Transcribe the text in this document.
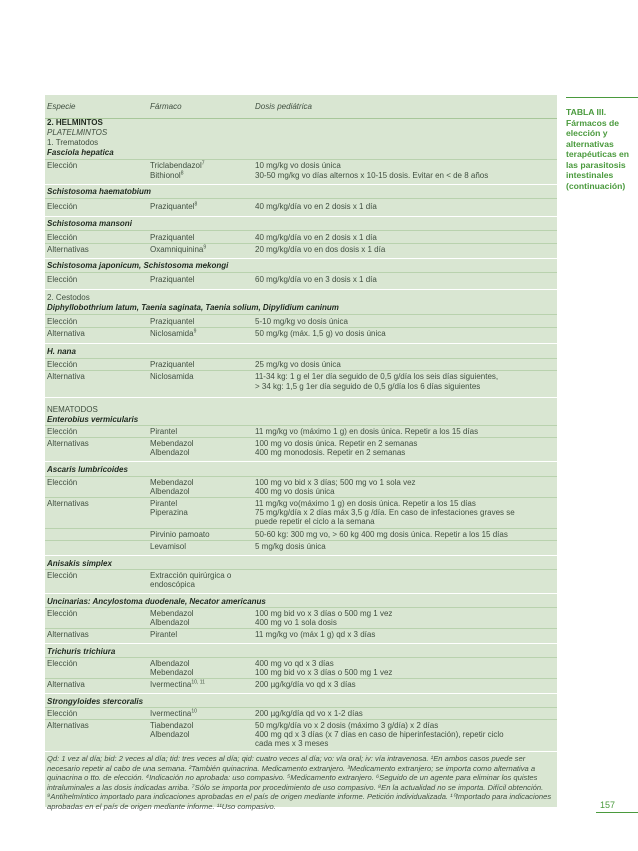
TABLA III.
Fármacos de
elección y
alternativas
terapéuticas en
las parasitosis
intestinales
(continuación)
Especie	Fármaco	Dosis pediátrica
2. HELMINTOS
PLATELMINTOS
1. Trematodos
Fasciola hepatica
Elección	Triclabendazol$^7$	10 mg/kg vo dosis única
Bithionol$^8$	30-50 mg/kg vo días alternos x 10-15 dosis. Evitar en < de 8 años
Schistosoma haematobium
Elección	Praziquantel$^8$	40 mg/kg/día vo en 2 dosis x 1 día
Schistosoma mansoni
Elección	Praziquantel	40 mg/kg/día vo en 2 dosis x 1 día
Alternativas	Oxamniquinina$^9$	20 mg/kg/día vo en dos dosis x 1 día
Schistosoma japonicum, Schistosoma mekongi
Elección	Praziquantel	60 mg/kg/día vo en 3 dosis x 1 día
2. Cestodos
Diphyllobothrium latum, Taenia saginata, Taenia solium, Dipylidium caninum
Elección	Praziquantel	5-10 mg/kg vo dosis única
Alternativa	Niclosamida$^9$	50 mg/kg (máx. 1,5 g) vo dosis única
H. nana
Elección	Praziquantel	25 mg/kg vo dosis única
Alternativa	Niclosamida	11-34 kg: 1 g el 1er día seguido de 0,5 g/día los seis días siguientes,
> 34 kg: 1,5 g 1er día seguido de 0,5 g/día los 6 días siguientes
NEMATODOS
Enterobius vermicularis
Elección	Pirantel	11 mg/kg vo (máximo 1 g) en dosis única. Repetir a los 15 días
Alternativas	Mebendazol	100 mg vo dosis única. Repetir en 2 semanas
Albendazol	400 mg monodosis. Repetir en 2 semanas
Ascaris lumbricoides
Elección	Mebendazol	100 mg vo bid x 3 días; 500 mg vo 1 sola vez
Albendazol	400 mg vo dosis única
Alternativas	Pirantel	11 mg/kg vo(máximo 1 g) en dosis única. Repetir a los 15 días
Piperazina	75 mg/kg/día x 2 días máx 3,5 g /día. En caso de infestaciones graves se
puede repetir el ciclo a la semana
Pirvinio pamoato	50-60 kg: 300 mg vo, > 60 kg 400 mg dosis única. Repetir a los 15 días
Levamisol	5 mg/kg dosis única
Anisakis simplex
Elección	Extracción quirúrgica o
endoscópica
Uncinarias: Ancylostoma duodenale, Necator americanus
Elección	Mebendazol	100 mg bid vo x 3 días o 500 mg 1 vez
Albendazol	400 mg vo 1 sola dosis
Alternativas	Pirantel	11 mg/kg vo (máx 1 g) qd x 3 días
Trichuris trichiura
Elección	Albendazol	400 mg vo qd x 3 días
Mebendazol	100 mg bid vo x 3 días o 500 mg 1 vez
Alternativa	Ivermectina$^{10, 11}$	200 µg/kg/día vo qd x 3 días
Strongyloides stercoralis
Elección	Ivermectina$^{10}$	200 µg/kg/día qd vo x 1-2 días
Alternativas	Tiabendazol	50 mg/kg/día vo x 2 dosis (máximo 3 g/día) x 2 días
Albendazol	400 mg qd x 3 días (x 7 días en caso de hiperinfestación), repetir ciclo
cada mes x 3 meses
Qd: 1 vez al día; bid: 2 veces al día; tid: tres veces al día; qid: cuatro veces al día; vo: vía oral; iv: vía intravenosa. ¹En ambos casos puede ser necesario repetir al cabo de una semana. ²También quinacrina. Medicamento extranjero. ³Medicamento extranjero; se importa como alternativa a quinacrina o tto. de elección. ⁴Indicación no aprobada: uso compasivo. ⁵Medicamento extranjero. ⁶Seguido de un agente para eliminar los quistes intraluminales a las dosis indicadas arriba. ⁷Sólo se importa por procedimiento de uso compasivo. ⁸En la actualidad no se importa. Difícil obtención. ⁹Antihelmíntico importado para indicaciones aprobadas en el país de origen mediante informe. Petición individualizada. ¹⁰Importado para indicaciones aprobadas en el país de origen mediante informe. ¹¹Uso compasivo.	157
